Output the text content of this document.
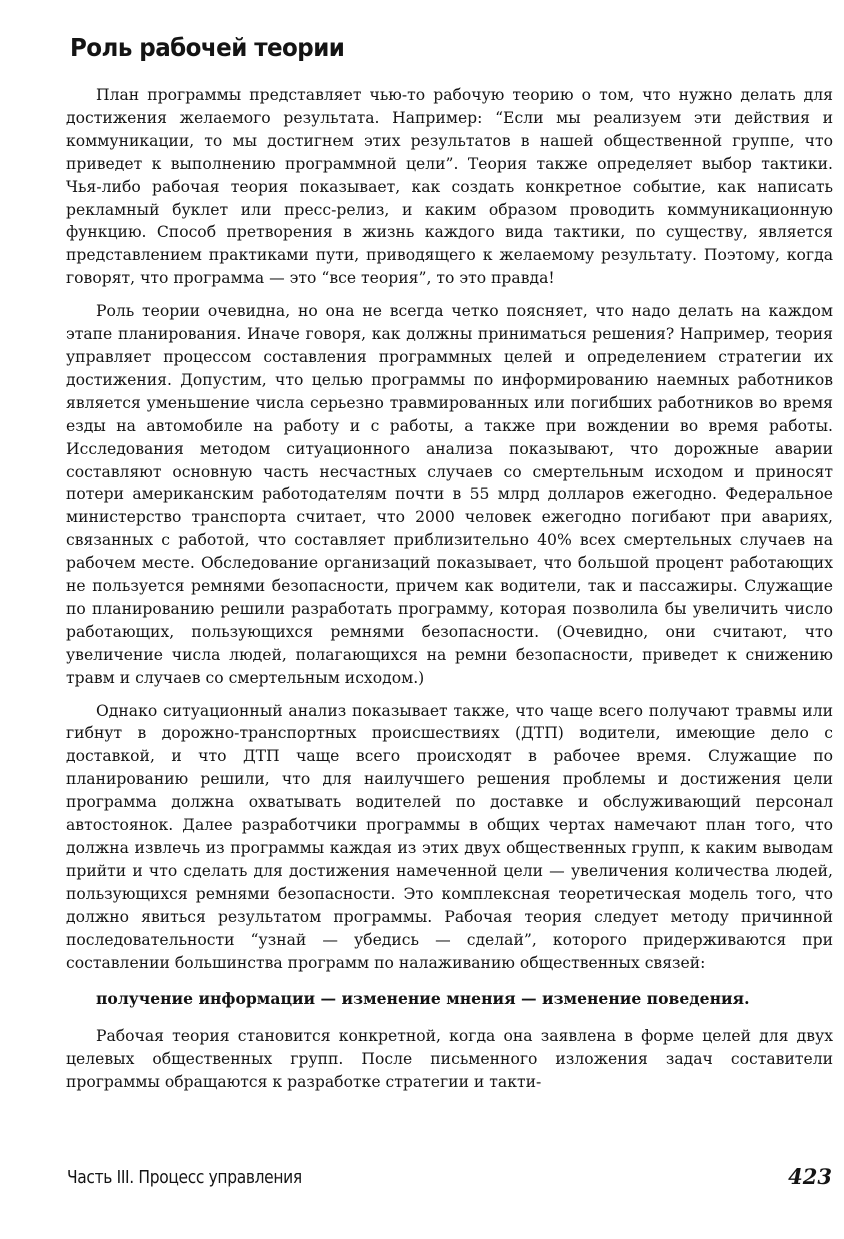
Роль рабочей теории

План программы представляет чью-то рабочую теорию о том, что нужно делать для достижения желаемого результата. Например: “Если мы реализуем эти действия и коммуникации, то мы достигнем этих результатов в нашей общественной группе, что приведет к выполнению программной цели”. Теория также определяет выбор тактики. Чья-либо рабочая теория показывает, как создать конкретное событие, как написать рекламный буклет или пресс-релиз, и каким образом проводить коммуникационную функцию. Способ претворения в жизнь каждого вида тактики, по существу, является представлением практиками пути, приводящего к желаемому результату. Поэтому, когда говорят, что программа — это “все теория”, то это правда!

Роль теории очевидна, но она не всегда четко поясняет, что надо делать на каждом этапе планирования. Иначе говоря, как должны приниматься решения? Например, теория управляет процессом составления программных целей и определением стратегии их достижения. Допустим, что целью программы по информированию наемных работников является уменьшение числа серьезно травмированных или погибших работников во время езды на автомобиле на работу и с работы, а также при вождении во время работы. Исследования методом ситуационного анализа показывают, что дорожные аварии составляют основную часть несчастных случаев со смертельным исходом и приносят потери американским работодателям почти в 55 млрд долларов ежегодно. Федеральное министерство транспорта считает, что 2000 человек ежегодно погибают при авариях, связанных с работой, что составляет приблизительно 40% всех смертельных случаев на рабочем месте. Обследование организаций показывает, что большой процент работающих не пользуется ремнями безопасности, причем как водители, так и пассажиры. Служащие по планированию решили разработать программу, которая позволила бы увеличить число работающих, пользующихся ремнями безопасности. (Очевидно, они считают, что увеличение числа людей, полагающихся на ремни безопасности, приведет к снижению травм и случаев со смертельным исходом.)

Однако ситуационный анализ показывает также, что чаще всего получают травмы или гибнут в дорожно-транспортных происшествиях (ДТП) водители, имеющие дело с доставкой, и что ДТП чаще всего происходят в рабочее время. Служащие по планированию решили, что для наилучшего решения проблемы и достижения цели программа должна охватывать водителей по доставке и обслуживающий персонал автостоянок. Далее разработчики программы в общих чертах намечают план того, что должна извлечь из программы каждая из этих двух общественных групп, к каким выводам прийти и что сделать для достижения намеченной цели — увеличения количества людей, пользующихся ремнями безопасности. Это комплексная теоретическая модель того, что должно явиться результатом программы. Рабочая теория следует методу причинной последовательности “узнай — убедись — сделай”, которого придерживаются при составлении большинства программ по налаживанию общественных связей:

получение информации — изменение мнения — изменение поведения.

Рабочая теория становится конкретной, когда она заявлена в форме целей для двух целевых общественных групп. После письменного изложения задач составители программы обращаются к разработке стратегии и такти-

Часть III. Процесс управления	423
